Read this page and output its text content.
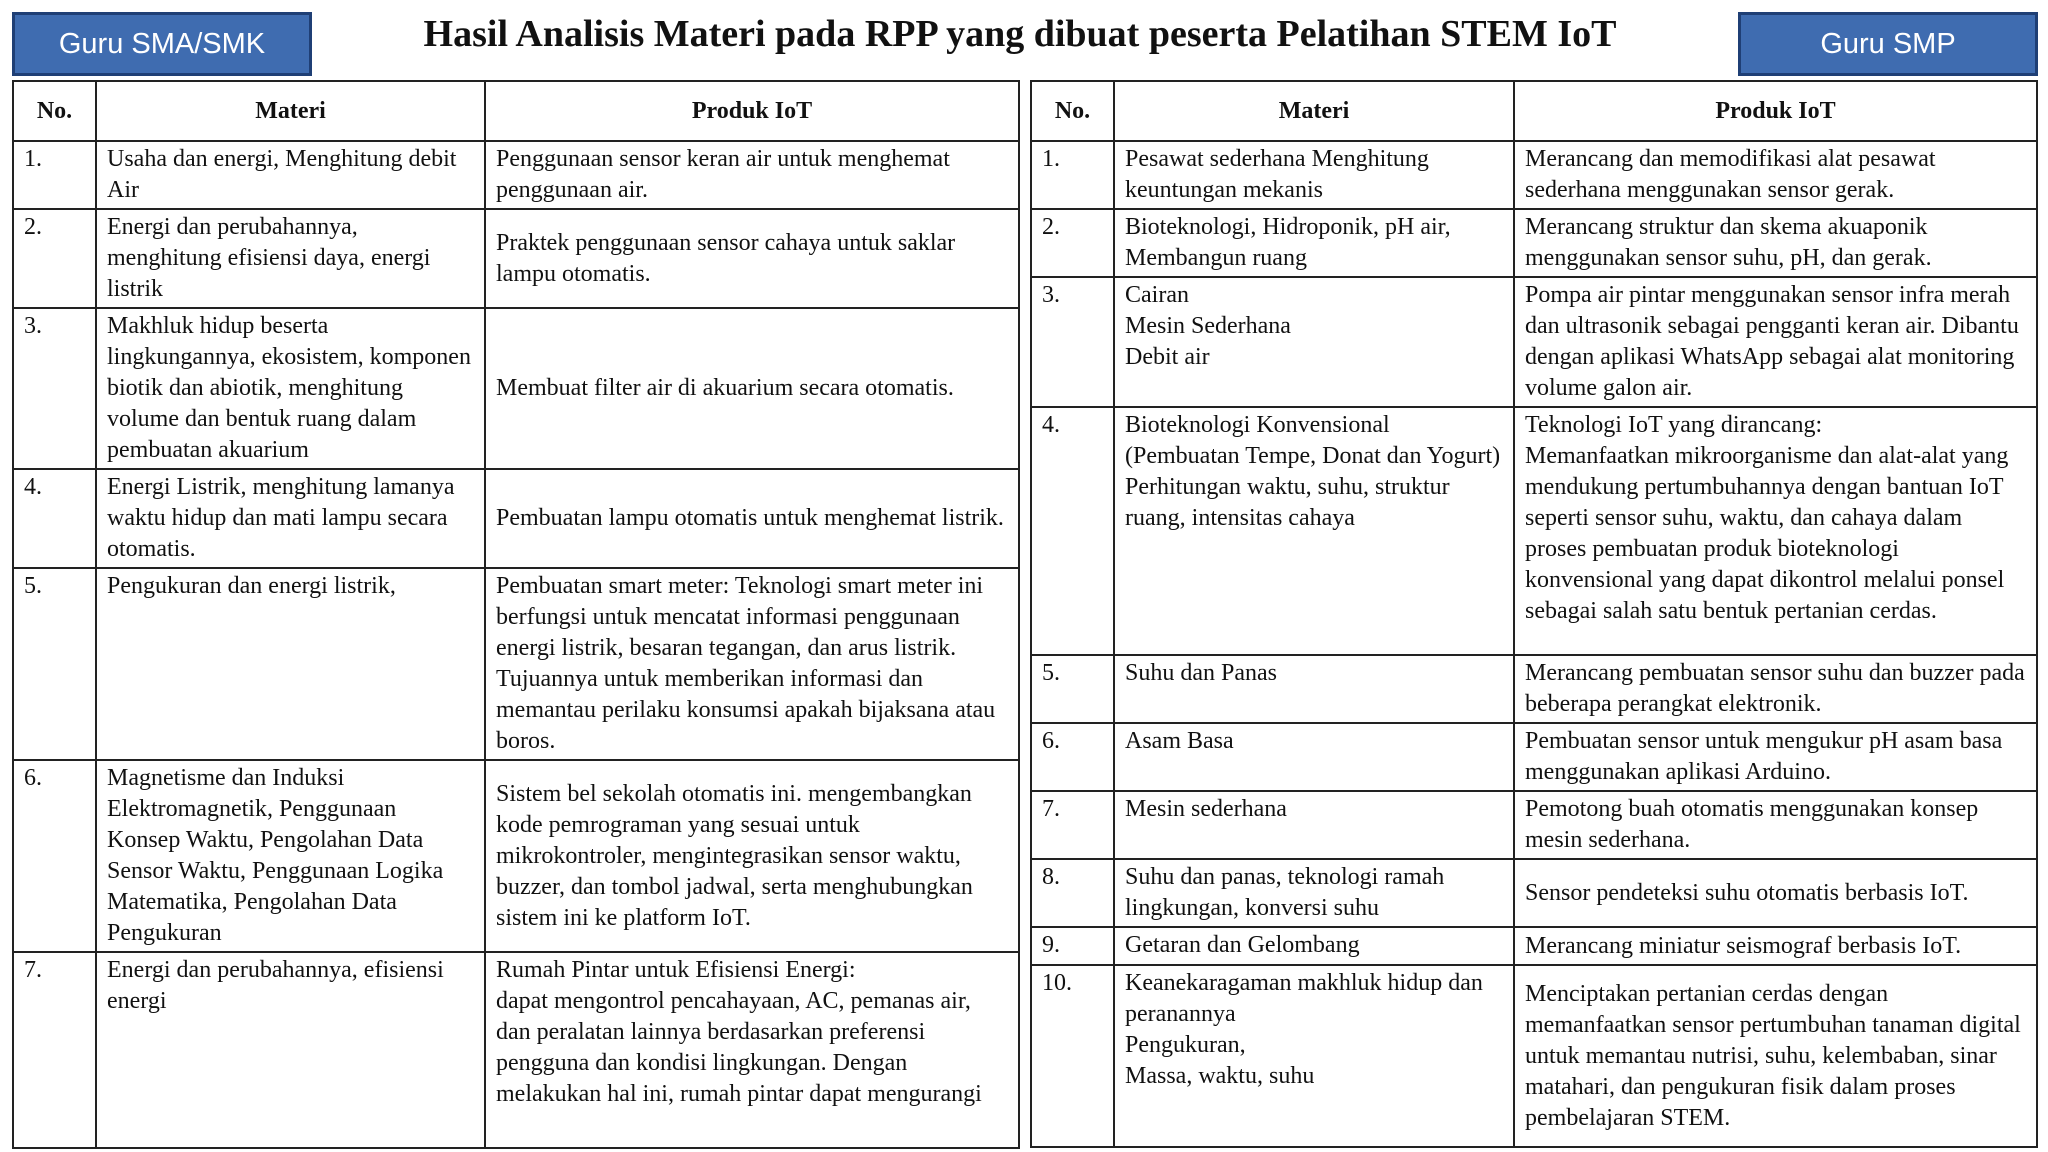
Guru SMA/SMK	Hasil Analisis Materi pada RPP yang dibuat peserta Pelatihan STEM IoT	Guru SMP
No.	Materi	Produk IoT
1.	Usaha dan energi, Menghitung debit Air	Penggunaan sensor keran air untuk menghemat penggunaan air.

2.	Energi dan perubahannya, menghitung efisiensi daya, energi listrik	Praktek penggunaan sensor cahaya untuk saklar lampu otomatis.

3.	Makhluk hidup beserta lingkungannya, ekosistem, komponen biotik dan abiotik, menghitung volume dan bentuk ruang dalam pembuatan akuarium	Membuat filter air di akuarium secara otomatis.

4.	Energi Listrik, menghitung lamanya waktu hidup dan mati lampu secara otomatis.	Pembuatan lampu otomatis untuk menghemat listrik.

5.	Pengukuran dan energi listrik,	Pembuatan smart meter: Teknologi smart meter ini berfungsi untuk mencatat informasi penggunaan energi listrik, besaran tegangan, dan arus listrik. Tujuannya untuk memberikan informasi dan memantau perilaku konsumsi apakah bijaksana atau boros.

6.	Magnetisme dan Induksi Elektromagnetik, Penggunaan Konsep Waktu, Pengolahan Data Sensor Waktu, Penggunaan Logika Matematika, Pengolahan Data Pengukuran	Sistem bel sekolah otomatis ini. mengembangkan kode pemrograman yang sesuai untuk mikrokontroler, mengintegrasikan sensor waktu, buzzer, dan tombol jadwal, serta menghubungkan sistem ini ke platform IoT.

7.	Energi dan perubahannya, efisiensi energi	Rumah Pintar untuk Efisiensi Energi:
dapat mengontrol pencahayaan, AC, pemanas air, dan peralatan lainnya berdasarkan preferensi pengguna dan kondisi lingkungan. Dengan melakukan hal ini, rumah pintar dapat mengurangi
No.	Materi	Produk IoT
1.	Pesawat sederhana Menghitung keuntungan mekanis	Merancang dan memodifikasi alat pesawat sederhana menggunakan sensor gerak.

2.	Bioteknologi, Hidroponik, pH air, Membangun ruang	Merancang struktur dan skema akuaponik menggunakan sensor suhu, pH, dan gerak.

3.	Cairan
Mesin Sederhana
Debit air	Pompa air pintar menggunakan sensor infra merah dan ultrasonik sebagai pengganti keran air. Dibantu dengan aplikasi WhatsApp sebagai alat monitoring volume galon air.

4.	Bioteknologi Konvensional (Pembuatan Tempe, Donat dan Yogurt)
Perhitungan waktu, suhu, struktur ruang, intensitas cahaya	Teknologi IoT yang dirancang:
Memanfaatkan mikroorganisme dan alat-alat yang mendukung pertumbuhannya dengan bantuan IoT seperti sensor suhu, waktu, dan cahaya dalam proses pembuatan produk bioteknologi konvensional yang dapat dikontrol melalui ponsel sebagai salah satu bentuk pertanian cerdas.

5.	Suhu dan Panas	Merancang pembuatan sensor suhu dan buzzer pada beberapa perangkat elektronik.

6.	Asam Basa	Pembuatan sensor untuk mengukur pH asam basa menggunakan aplikasi Arduino.

7.	Mesin sederhana	Pemotong buah otomatis menggunakan konsep mesin sederhana.

8.	Suhu dan panas, teknologi ramah lingkungan, konversi suhu	Sensor pendeteksi suhu otomatis berbasis IoT.

9.	Getaran dan Gelombang	Merancang miniatur seismograf berbasis IoT.

10.	Keanekaragaman makhluk hidup dan peranannya
Pengukuran,
Massa, waktu, suhu	Menciptakan pertanian cerdas dengan memanfaatkan sensor pertumbuhan tanaman digital untuk memantau nutrisi, suhu, kelembaban, sinar matahari, dan pengukuran fisik dalam proses pembelajaran STEM.
